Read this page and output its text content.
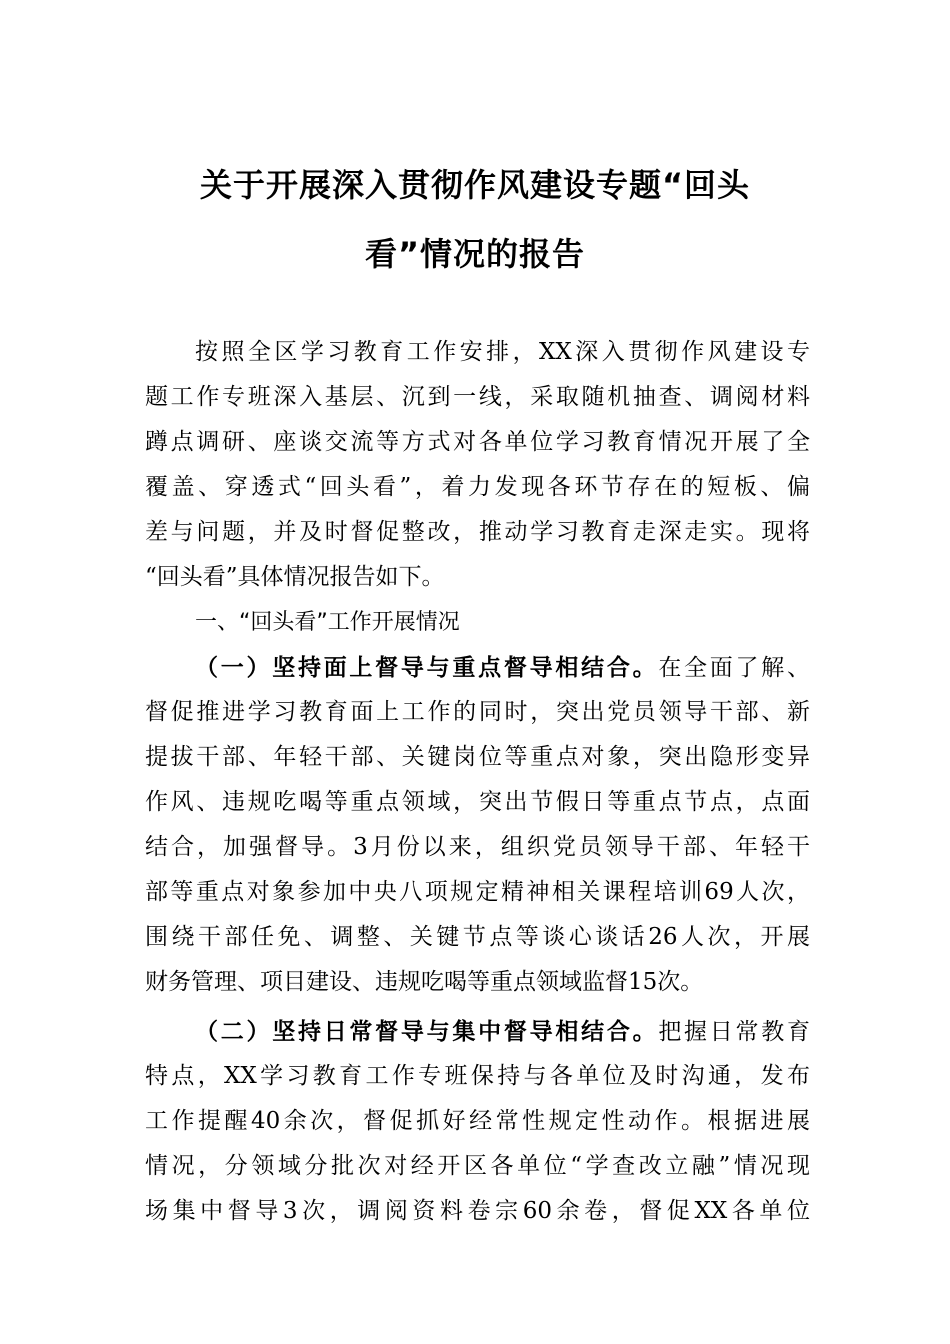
关于开展深入贯彻作风建设专题“回头
看”情况的报告
按照全区学习教育工作安排，XX深入贯彻作风建设专
题工作专班深入基层、沉到一线，采取随机抽查、调阅材料
蹲点调研、座谈交流等方式对各单位学习教育情况开展了全
覆盖、穿透式“回头看”，着力发现各环节存在的短板、偏
差与问题，并及时督促整改，推动学习教育走深走实。现将
“回头看”具体情况报告如下。
一、“回头看”工作开展情况
（一）坚持面上督导与重点督导相结合。在全面了解、
督促推进学习教育面上工作的同时，突出党员领导干部、新
提拔干部、年轻干部、关键岗位等重点对象，突出隐形变异
作风、违规吃喝等重点领域，突出节假日等重点节点，点面
结合，加强督导。3月份以来，组织党员领导干部、年轻干
部等重点对象参加中央八项规定精神相关课程培训69人次，
围绕干部任免、调整、关键节点等谈心谈话26人次，开展
财务管理、项目建设、违规吃喝等重点领域监督15次。
（二）坚持日常督导与集中督导相结合。把握日常教育
特点，XX学习教育工作专班保持与各单位及时沟通，发布
工作提醒40余次，督促抓好经常性规定性动作。根据进展
情况，分领域分批次对经开区各单位“学查改立融”情况现
场集中督导3次，调阅资料卷宗60余卷，督促XX各单位
